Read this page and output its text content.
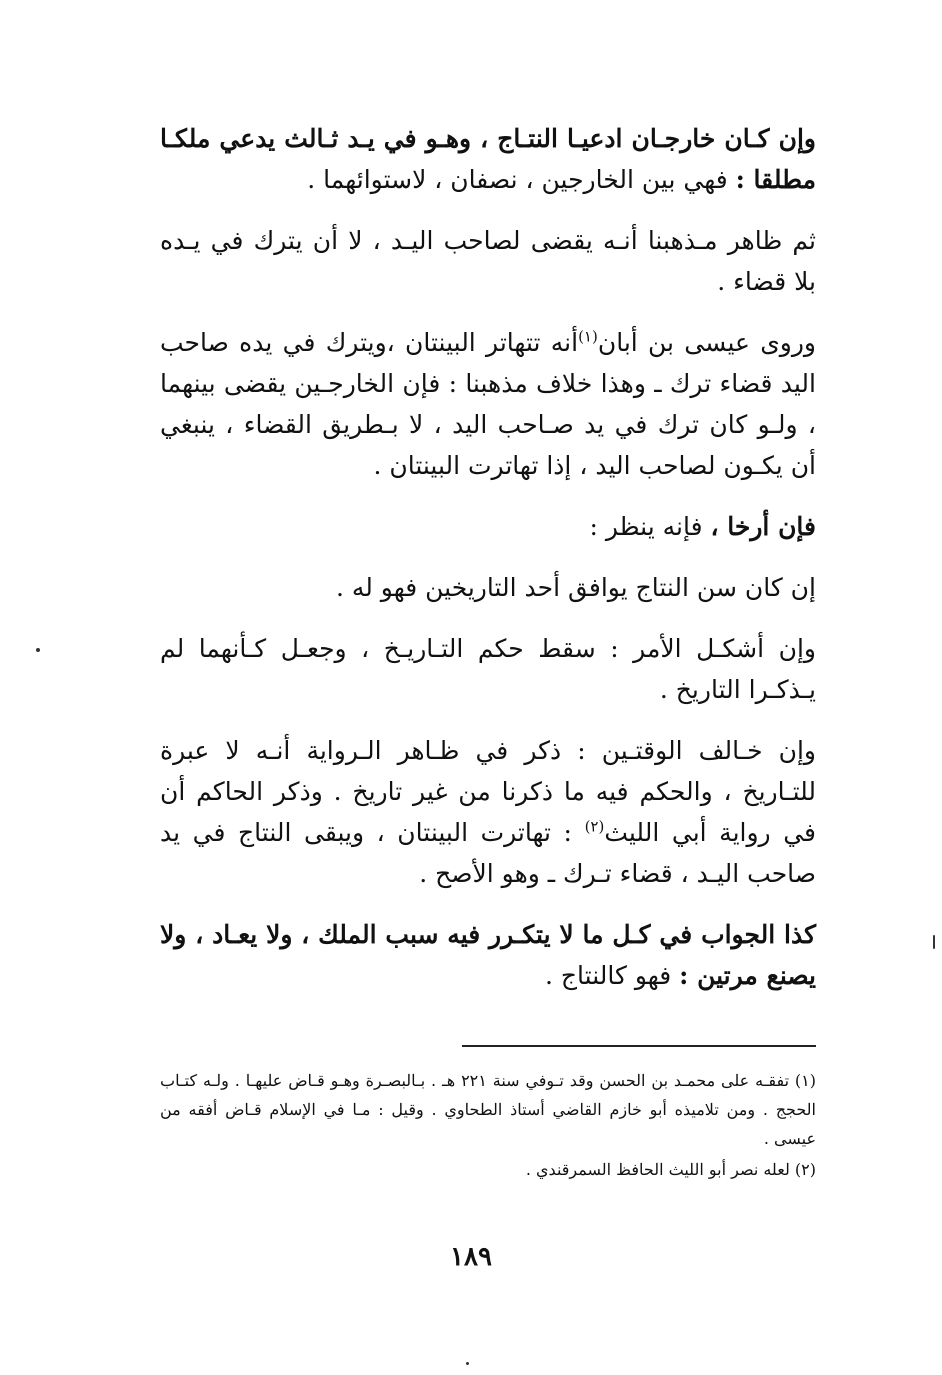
وإن كـان خارجـان ادعيـا النتـاج ، وهـو في يـد ثـالث يدعي ملكـا مطلقا : فهي بين الخارجين ، نصفان ، لاستوائهما .

ثم ظاهر مـذهبنا أنـه يقضى لصاحب اليـد ، لا أن يترك في يـده بلا قضاء .

وروى عيسى بن أبان$^{(١)}$أنه تتهاتر البينتان ،ويترك في يده صاحب اليد قضاء ترك ـ وهذا خلاف مذهبنا : فإن الخارجـين يقضى بينهما ، ولـو كان ترك في يد صـاحب اليد ، لا بـطريق القضاء ، ينبغي أن يكـون لصاحب اليد ، إذا تهاترت البينتان .

فإن أرخا ، فإنه ينظر :

إن كان سن النتاج يوافق أحد التاريخين فهو له .

وإن أشكـل الأمر : سقط حكم التـاريـخ ، وجعـل كـأنهما لم يـذكـرا التاريخ .

وإن خـالف الوقتـين : ذكر في ظـاهر الـرواية أنـه لا عبرة للتـاريخ ، والحكم فيه ما ذكرنا من غير تاريخ . وذكر الحاكم أن في رواية أبي الليث$^{(٢)}$ : تهاترت البينتان ، ويبقى النتاج في يد صاحب اليـد ، قضاء تـرك ـ وهو الأصح .

كذا الجواب في كـل ما لا يتكـرر فيه سبب الملك ، ولا يعـاد ، ولا يصنع مرتين : فهو كالنتاج .

(١) تفقـه على محمـد بن الحسن وقد تـوفي سنة ٢٢١ هـ . بـالبصـرة وهـو قـاض عليهـا . ولـه كتـاب الحجج . ومن تلاميذه أبو خازم القاضي أستاذ الطحاوي . وقيل : مـا في الإسلام قـاض أفقه من عيسى .

(٢) لعله نصر أبو الليث الحافظ السمرقندي .

١٨٩
